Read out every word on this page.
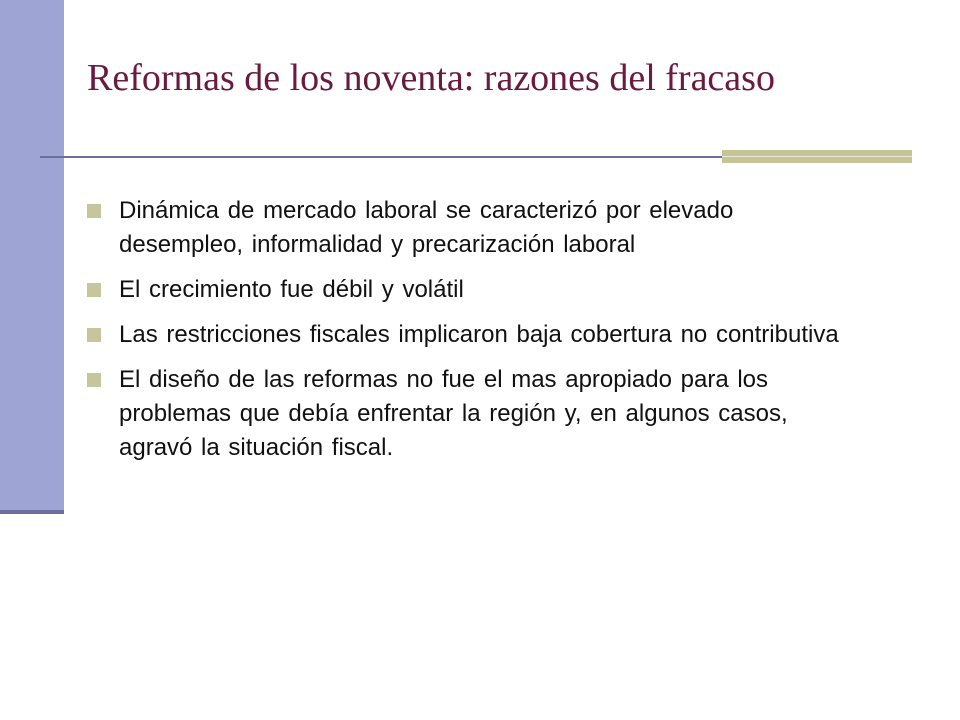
Reformas de los noventa: razones del fracaso
Dinámica de mercado laboral se caracterizó por elevado desempleo, informalidad y precarización laboral
El crecimiento fue débil y volátil
Las restricciones fiscales implicaron baja cobertura no contributiva
El diseño de las reformas no fue el mas apropiado para los problemas que debía enfrentar la región y, en algunos casos, agravó la situación fiscal.
